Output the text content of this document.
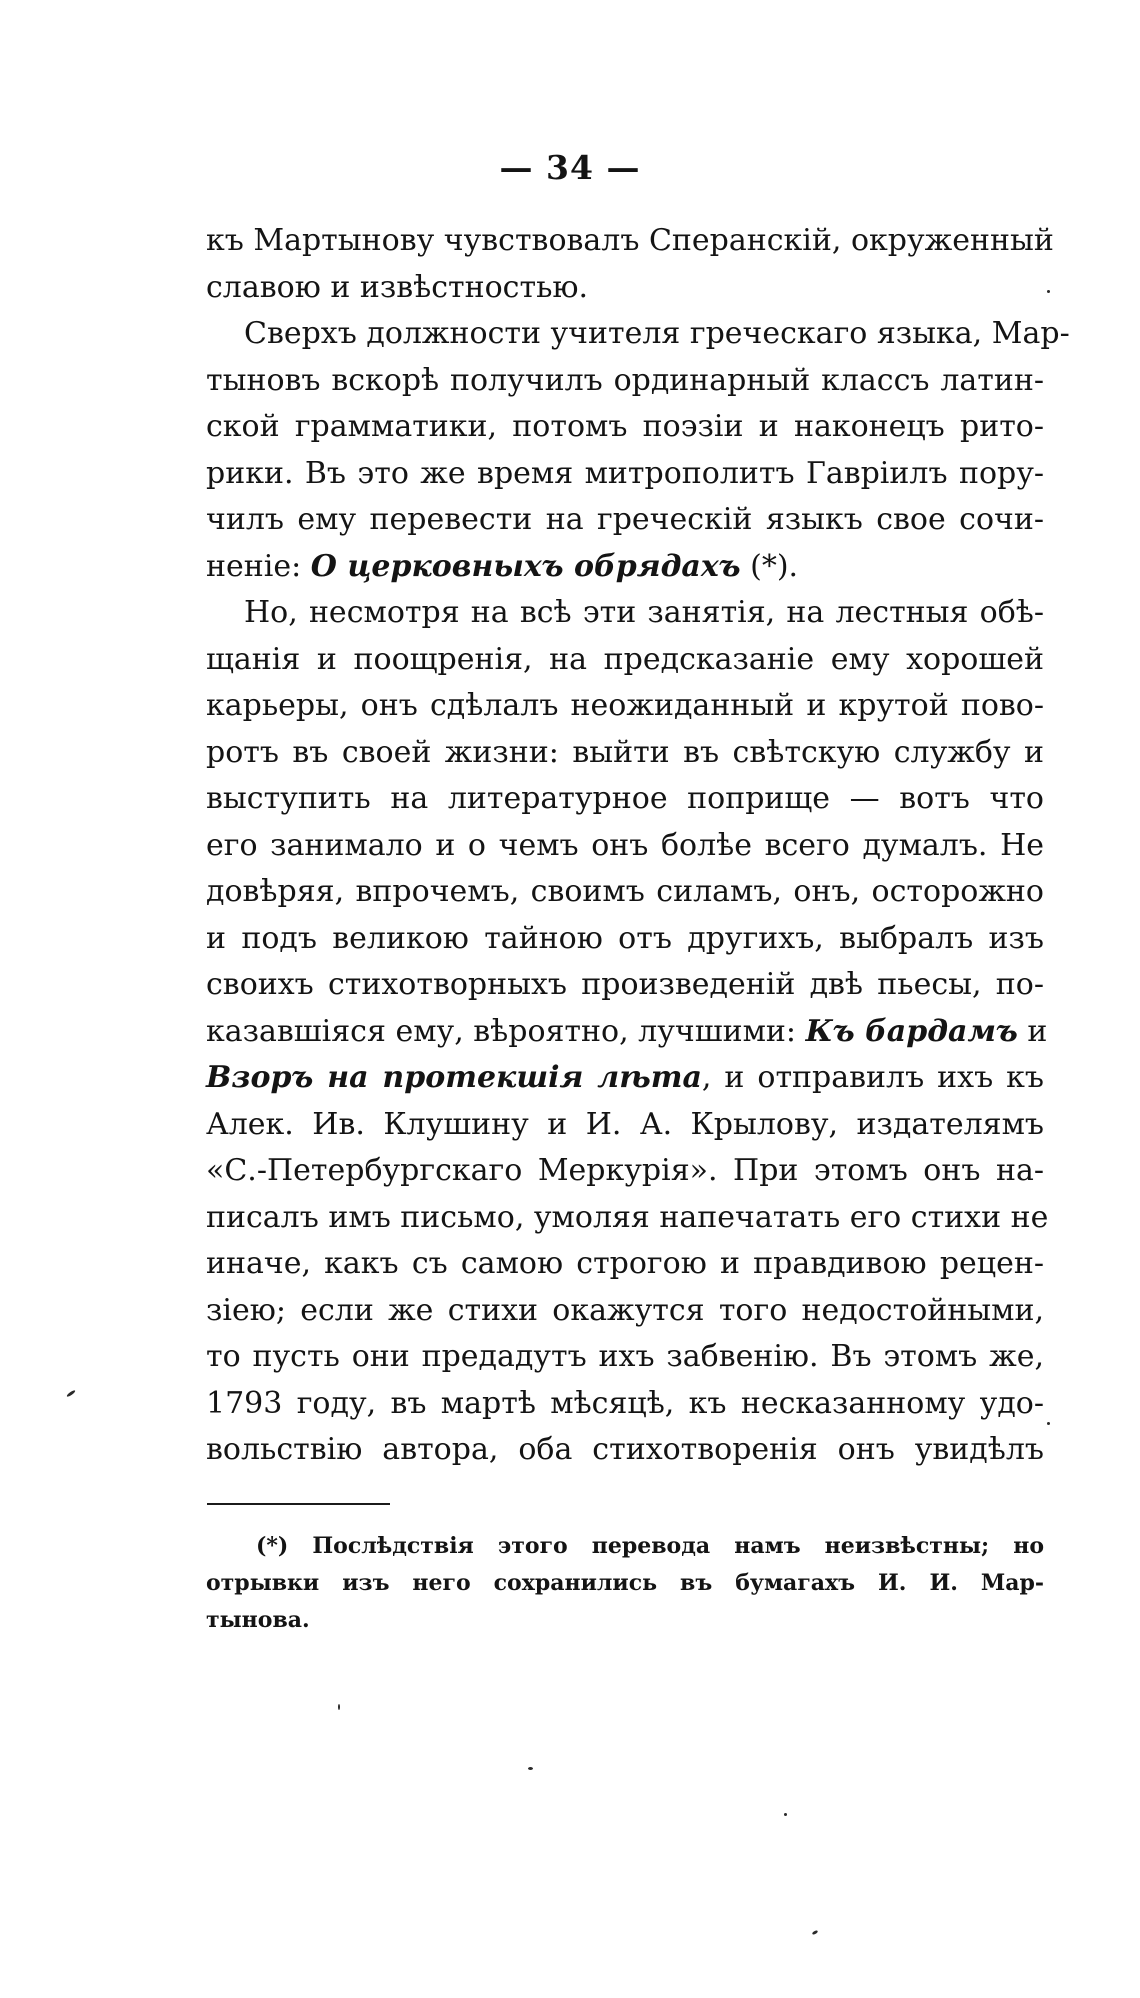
— 34 —
къ Мартынову чувствовалъ Сперанскій, окруженный
славою и извѣстностью.
Сверхъ должности учителя греческаго языка, Мар-
тыновъ вскорѣ получилъ ординарный классъ латин-
ской грамматики, потомъ поэзіи и наконецъ рито-
рики. Въ это же время митрополитъ Гавріилъ пору-
чилъ ему перевести на греческій языкъ свое сочи-
неніе: О церковныхъ обрядахъ (*).
Но, несмотря на всѣ эти занятія, на лестныя обѣ-
щанія и поощренія, на предсказаніе ему хорошей
карьеры, онъ сдѣлалъ неожиданный и крутой пово-
ротъ въ своей жизни: выйти въ свѣтскую службу и
выступить на литературное поприще — вотъ что
его занимало и о чемъ онъ болѣе всего думалъ. Не
довѣряя, впрочемъ, своимъ силамъ, онъ, осторожно
и подъ великою тайною отъ другихъ, выбралъ изъ
своихъ стихотворныхъ произведеній двѣ пьесы, по-
казавшіяся ему, вѣроятно, лучшими: Къ бардамъ и
Взоръ на протекшія лѣта, и отправилъ ихъ къ
Алек. Ив. Клушину и И. А. Крылову, издателямъ
«С.-Петербургскаго Меркурія». При этомъ онъ на-
писалъ имъ письмо, умоляя напечатать его стихи не
иначе, какъ съ самою строгою и правдивою рецен-
зіею; если же стихи окажутся того недостойными,
то пусть они предадутъ ихъ забвенію. Въ этомъ же,
1793 году, въ мартѣ мѣсяцѣ, къ несказанному удо-
вольствію автора, оба стихотворенія онъ увидѣлъ
(*) Послѣдствія этого перевода намъ неизвѣстны; но
отрывки изъ него сохранились въ бумагахъ И. И. Мар-
тынова.
